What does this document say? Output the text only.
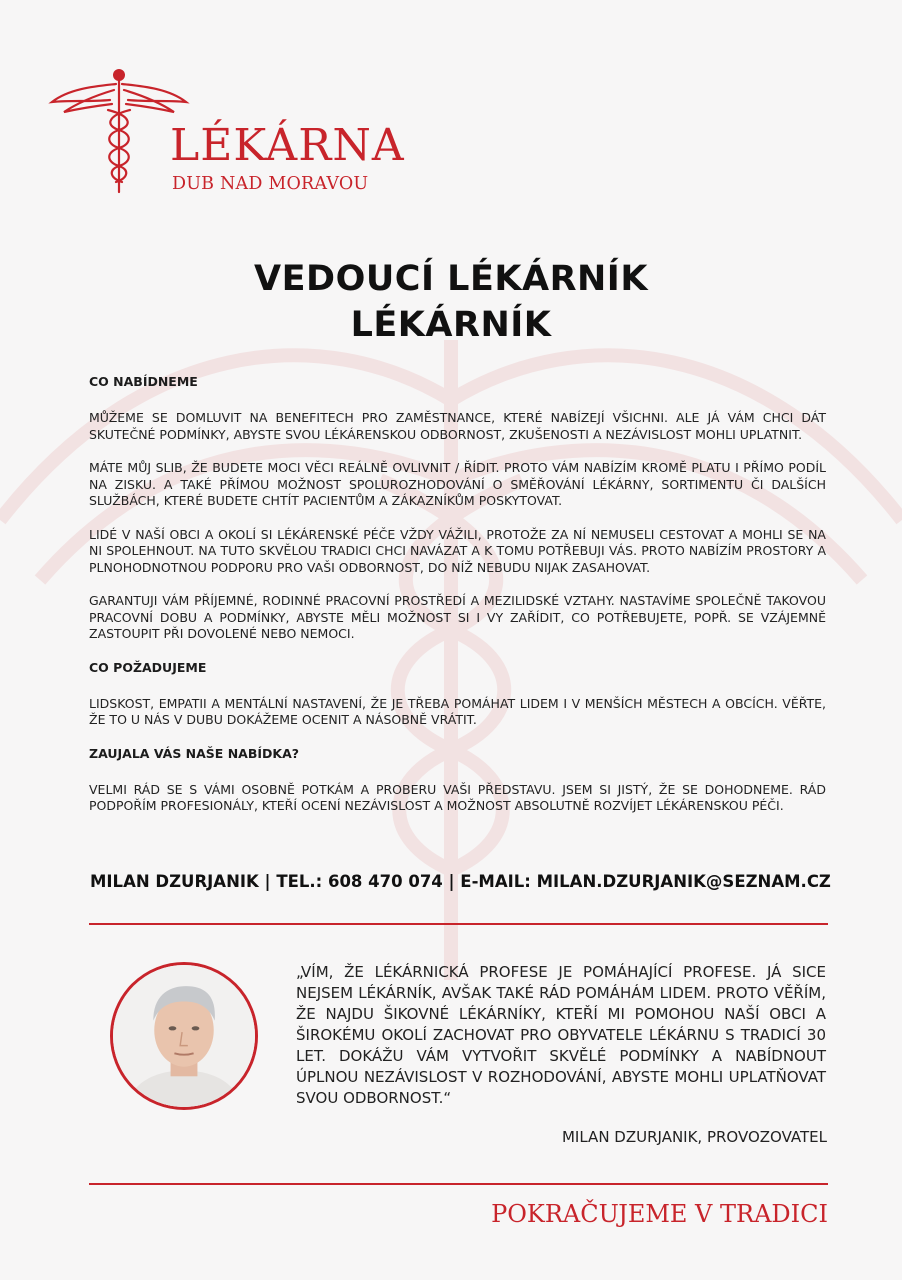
LÉKÁRNA
DUB NAD MORAVOU
VEDOUCÍ LÉKÁRNÍK
LÉKÁRNÍK

CO NABÍDNEME

MŮŽEME SE DOMLUVIT NA BENEFITECH PRO ZAMĚSTNANCE, KTERÉ NABÍZEJÍ VŠICHNI. ALE JÁ VÁM CHCI DÁT SKUTEČNÉ PODMÍNKY, ABYSTE SVOU LÉKÁRENSKOU ODBORNOST, ZKUŠENOSTI A NEZÁVISLOST MOHLI UPLATNIT.

MÁTE MŮJ SLIB, ŽE BUDETE MOCI VĚCI REÁLNĚ OVLIVNIT / ŘÍDIT. PROTO VÁM NABÍZÍM KROMĚ PLATU I PŘÍMO PODÍL NA ZISKU. A TAKÉ PŘÍMOU MOŽNOST SPOLUROZHODOVÁNÍ O SMĚŘOVÁNÍ LÉKÁRNY, SORTIMENTU ČI DALŠÍCH SLUŽBÁCH, KTERÉ BUDETE CHTÍT PACIENTŮM A ZÁKAZNÍKŮM POSKYTOVAT.

LIDÉ V NAŠÍ OBCI A OKOLÍ SI LÉKÁRENSKÉ PÉČE VŽDY VÁŽILI, PROTOŽE ZA NÍ NEMUSELI CESTOVAT A MOHLI SE NA NI SPOLEHNOUT. NA TUTO SKVĚLOU TRADICI CHCI NAVÁZAT A K TOMU POTŘEBUJI VÁS. PROTO NABÍZÍM PROSTORY A PLNOHODNOTNOU PODPORU PRO VAŠI ODBORNOST, DO NÍŽ NEBUDU NIJAK ZASAHOVAT.

GARANTUJI VÁM PŘÍJEMNÉ, RODINNÉ PRACOVNÍ PROSTŘEDÍ A MEZILIDSKÉ VZTAHY. NASTAVÍME SPOLEČNĚ TAKOVOU PRACOVNÍ DOBU A PODMÍNKY, ABYSTE MĚLI MOŽNOST SI I VY ZAŘÍDIT, CO POTŘEBUJETE, POPŘ. SE VZÁJEMNĚ ZASTOUPIT PŘI DOVOLENÉ NEBO NEMOCI.

CO POŽADUJEME

LIDSKOST, EMPATII A MENTÁLNÍ NASTAVENÍ, ŽE JE TŘEBA POMÁHAT LIDEM I V MENŠÍCH MĚSTECH A OBCÍCH. VĚŘTE, ŽE TO U NÁS V DUBU DOKÁŽEME OCENIT A NÁSOBNĚ VRÁTIT.

ZAUJALA VÁS NAŠE NABÍDKA?

VELMI RÁD SE S VÁMI OSOBNĚ POTKÁM A PROBERU VAŠI PŘEDSTAVU. JSEM SI JISTÝ, ŽE SE DOHODNEME. RÁD PODPOŘÍM PROFESIONÁLY, KTEŘÍ OCENÍ NEZÁVISLOST A MOŽNOST ABSOLUTNĚ ROZVÍJET LÉKÁRENSKOU PÉČI.

MILAN DZURJANIK | TEL.: 608 470 074 | E-MAIL: MILAN.DZURJANIK@SEZNAM.CZ
„VÍM, ŽE LÉKÁRNICKÁ PROFESE JE POMÁHAJÍCÍ PROFESE. JÁ SICE NEJSEM LÉKÁRNÍK, AVŠAK TAKÉ RÁD POMÁHÁM LIDEM. PROTO VĚŘÍM, ŽE NAJDU ŠIKOVNÉ LÉKÁRNÍKY, KTEŘÍ MI POMOHOU NAŠÍ OBCI A ŠIROKÉMU OKOLÍ ZACHOVAT PRO OBYVATELE LÉKÁRNU S TRADICÍ 30 LET. DOKÁŽU VÁM VYTVOŘIT SKVĚLÉ PODMÍNKY A NABÍDNOUT ÚPLNOU NEZÁVISLOST V ROZHODOVÁNÍ, ABYSTE MOHLI UPLATŇOVAT SVOU ODBORNOST.“
MILAN DZURJANIK, PROVOZOVATEL
POKRAČUJEME V TRADICI
